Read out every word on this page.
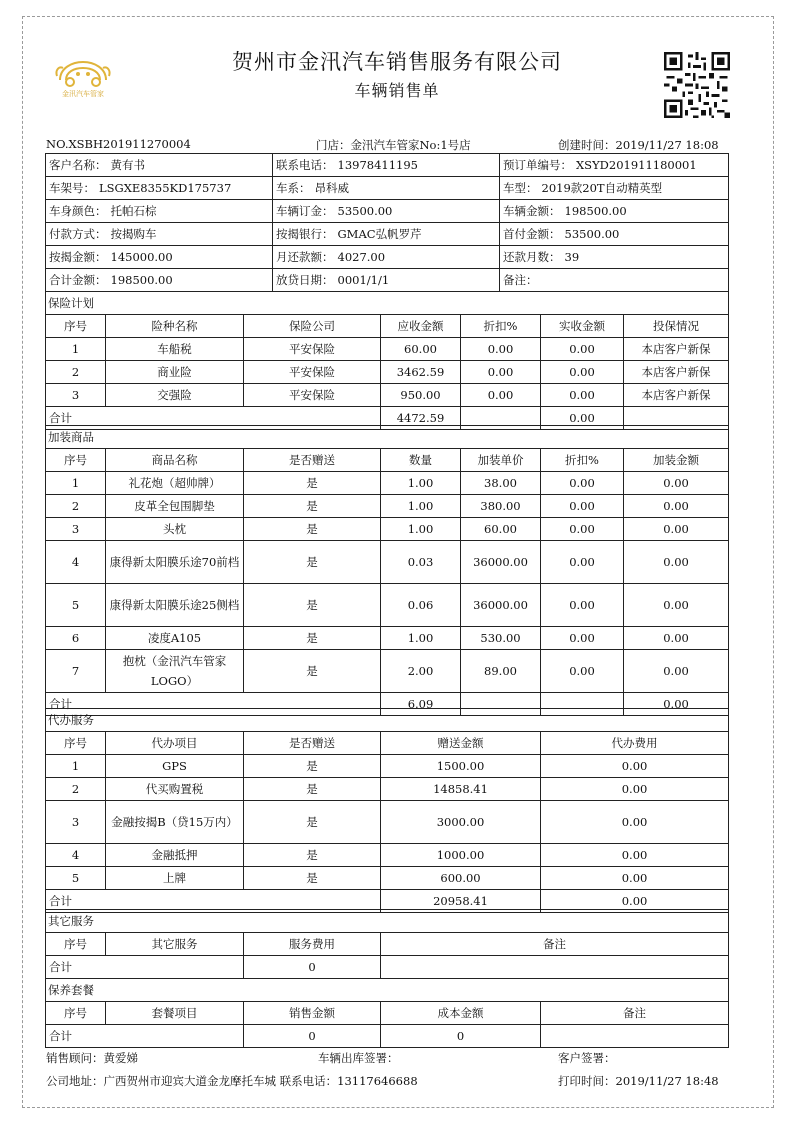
金汛汽车管家
贺州市金汛汽车销售服务有限公司
车辆销售单
NO.XSBH201911270004	门店：金汛汽车管家No:1号店	创建时间：2019/11/27 18:08
客户名称： 黄有书	联系电话： 13978411195	预订单编号： XSYD201911180001
车架号： LSGXE8355KD175737	车系： 昂科威	车型： 2019款20T自动精英型
车身颜色： 托帕石棕	车辆订金： 53500.00	车辆金额： 198500.00
付款方式： 按揭购车	按揭银行： GMAC弘帆罗芹	首付金额： 53500.00
按揭金额： 145000.00	月还款额： 4027.00	还款月数： 39
合计金额： 198500.00	放贷日期： 0001/1/1	备注：
保险计划						
序号	险种名称	保险公司	应收金额	折扣%	实收金额	投保情况
1	车船税	平安保险	60.00	0.00	0.00	本店客户新保
2	商业险	平安保险	3462.59	0.00	0.00	本店客户新保
3	交强险	平安保险	950.00	0.00	0.00	本店客户新保
合计			4472.59		0.00	
加装商品						
序号	商品名称	是否赠送	数量	加装单价	折扣%	加装金额
1	礼花炮（超帅牌）	是	1.00	38.00	0.00	0.00
2	皮革全包围脚垫	是	1.00	380.00	0.00	0.00
3	头枕	是	1.00	60.00	0.00	0.00
4	康得新太阳膜乐途70前档	是	0.03	36000.00	0.00	0.00
5	康得新太阳膜乐途25侧档	是	0.06	36000.00	0.00	0.00
6	凌度A105	是	1.00	530.00	0.00	0.00
7	抱枕（金汛汽车管家LOGO）	是	2.00	89.00	0.00	0.00
合计			6.09			0.00
代办服务				
序号	代办项目	是否赠送	赠送金额	代办费用
1	GPS	是	1500.00	0.00
2	代买购置税	是	14858.41	0.00
3	金融按揭B（贷15万内）	是	3000.00	0.00
4	金融抵押	是	1000.00	0.00
5	上牌	是	600.00	0.00
合计			20958.41	0.00
其它服务			
序号	其它服务	服务费用	备注
合计		0	
保养套餐				
序号	套餐项目	销售金额	成本金额	备注
合计		0	0	
销售顾问：黄爱娣	车辆出库签署：	客户签署：
公司地址：广西贺州市迎宾大道金龙摩托车城 联系电话：13117646688	打印时间：2019/11/27 18:48
